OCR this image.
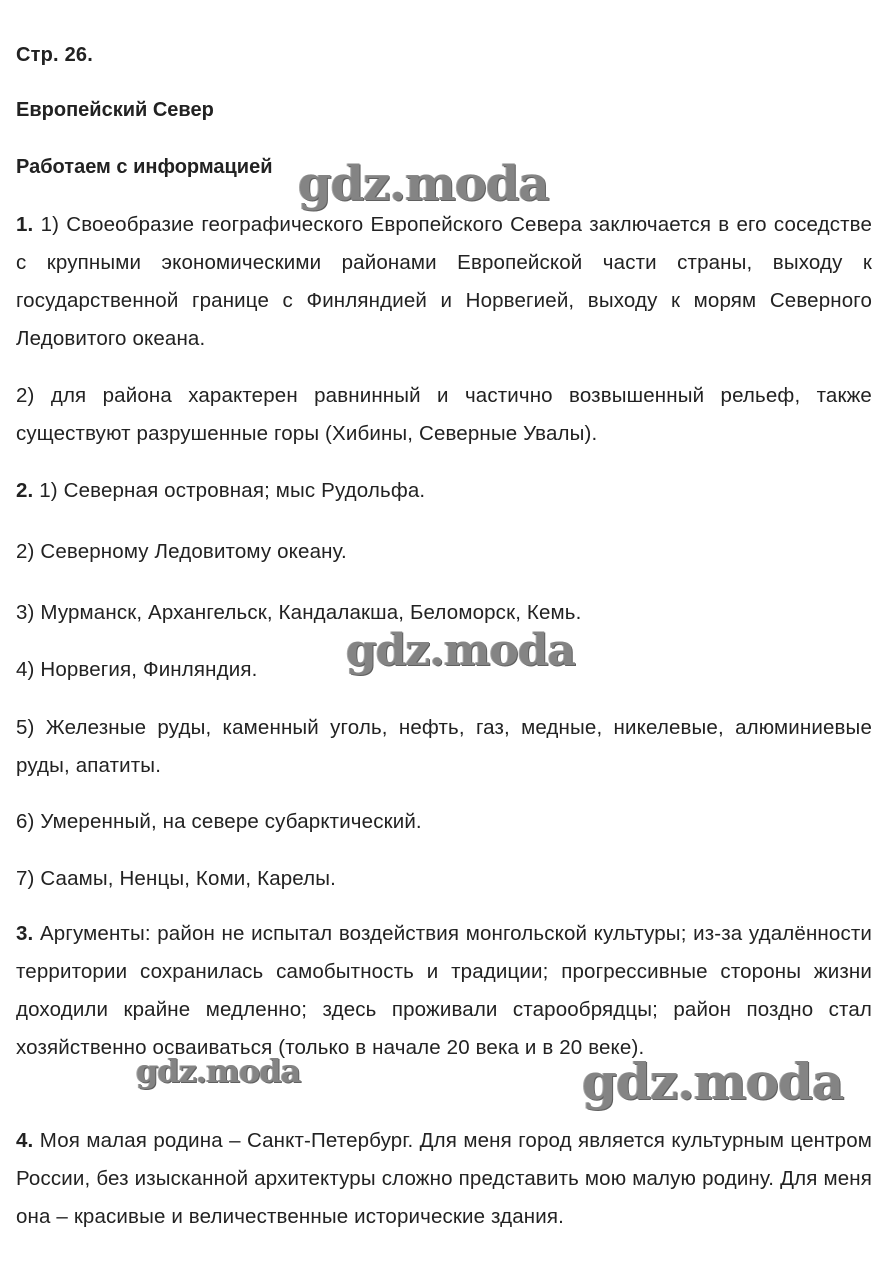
Стр. 26.
Европейский Север
Работаем с информацией
1. 1) Своеобразие географического Европейского Севера заключается в его соседстве с крупными экономическими районами Европейской части страны, выходу к государственной границе с Финляндией и Норвегией, выходу к морям Северного Ледовитого океана.
2) для района характерен равнинный и частично возвышенный рельеф, также существуют разрушенные горы (Хибины, Северные Увалы).
2. 1) Северная островная; мыс Рудольфа.
2) Северному Ледовитому океану.
3) Мурманск, Архангельск, Кандалакша, Беломорск, Кемь.
4) Норвегия, Финляндия.
5) Железные руды, каменный уголь, нефть, газ, медные, никелевые, алюминиевые руды, апатиты.
6) Умеренный, на севере субарктический.
7) Саамы, Ненцы, Коми, Карелы.
3. Аргументы: район не испытал воздействия монгольской культуры; из-за удалённости территории сохранилась самобытность и традиции; прогрессивные стороны жизни доходили крайне медленно; здесь проживали старообрядцы; район поздно стал хозяйственно осваиваться (только в начале 20 века и в 20 веке).
4. Моя малая родина – Санкт-Петербург. Для меня город является культурным центром России, без изысканной архитектуры сложно представить мою малую родину. Для меня она – красивые и величественные исторические здания.
gdz.moda
gdz.moda
gdz.moda	gdz.moda
